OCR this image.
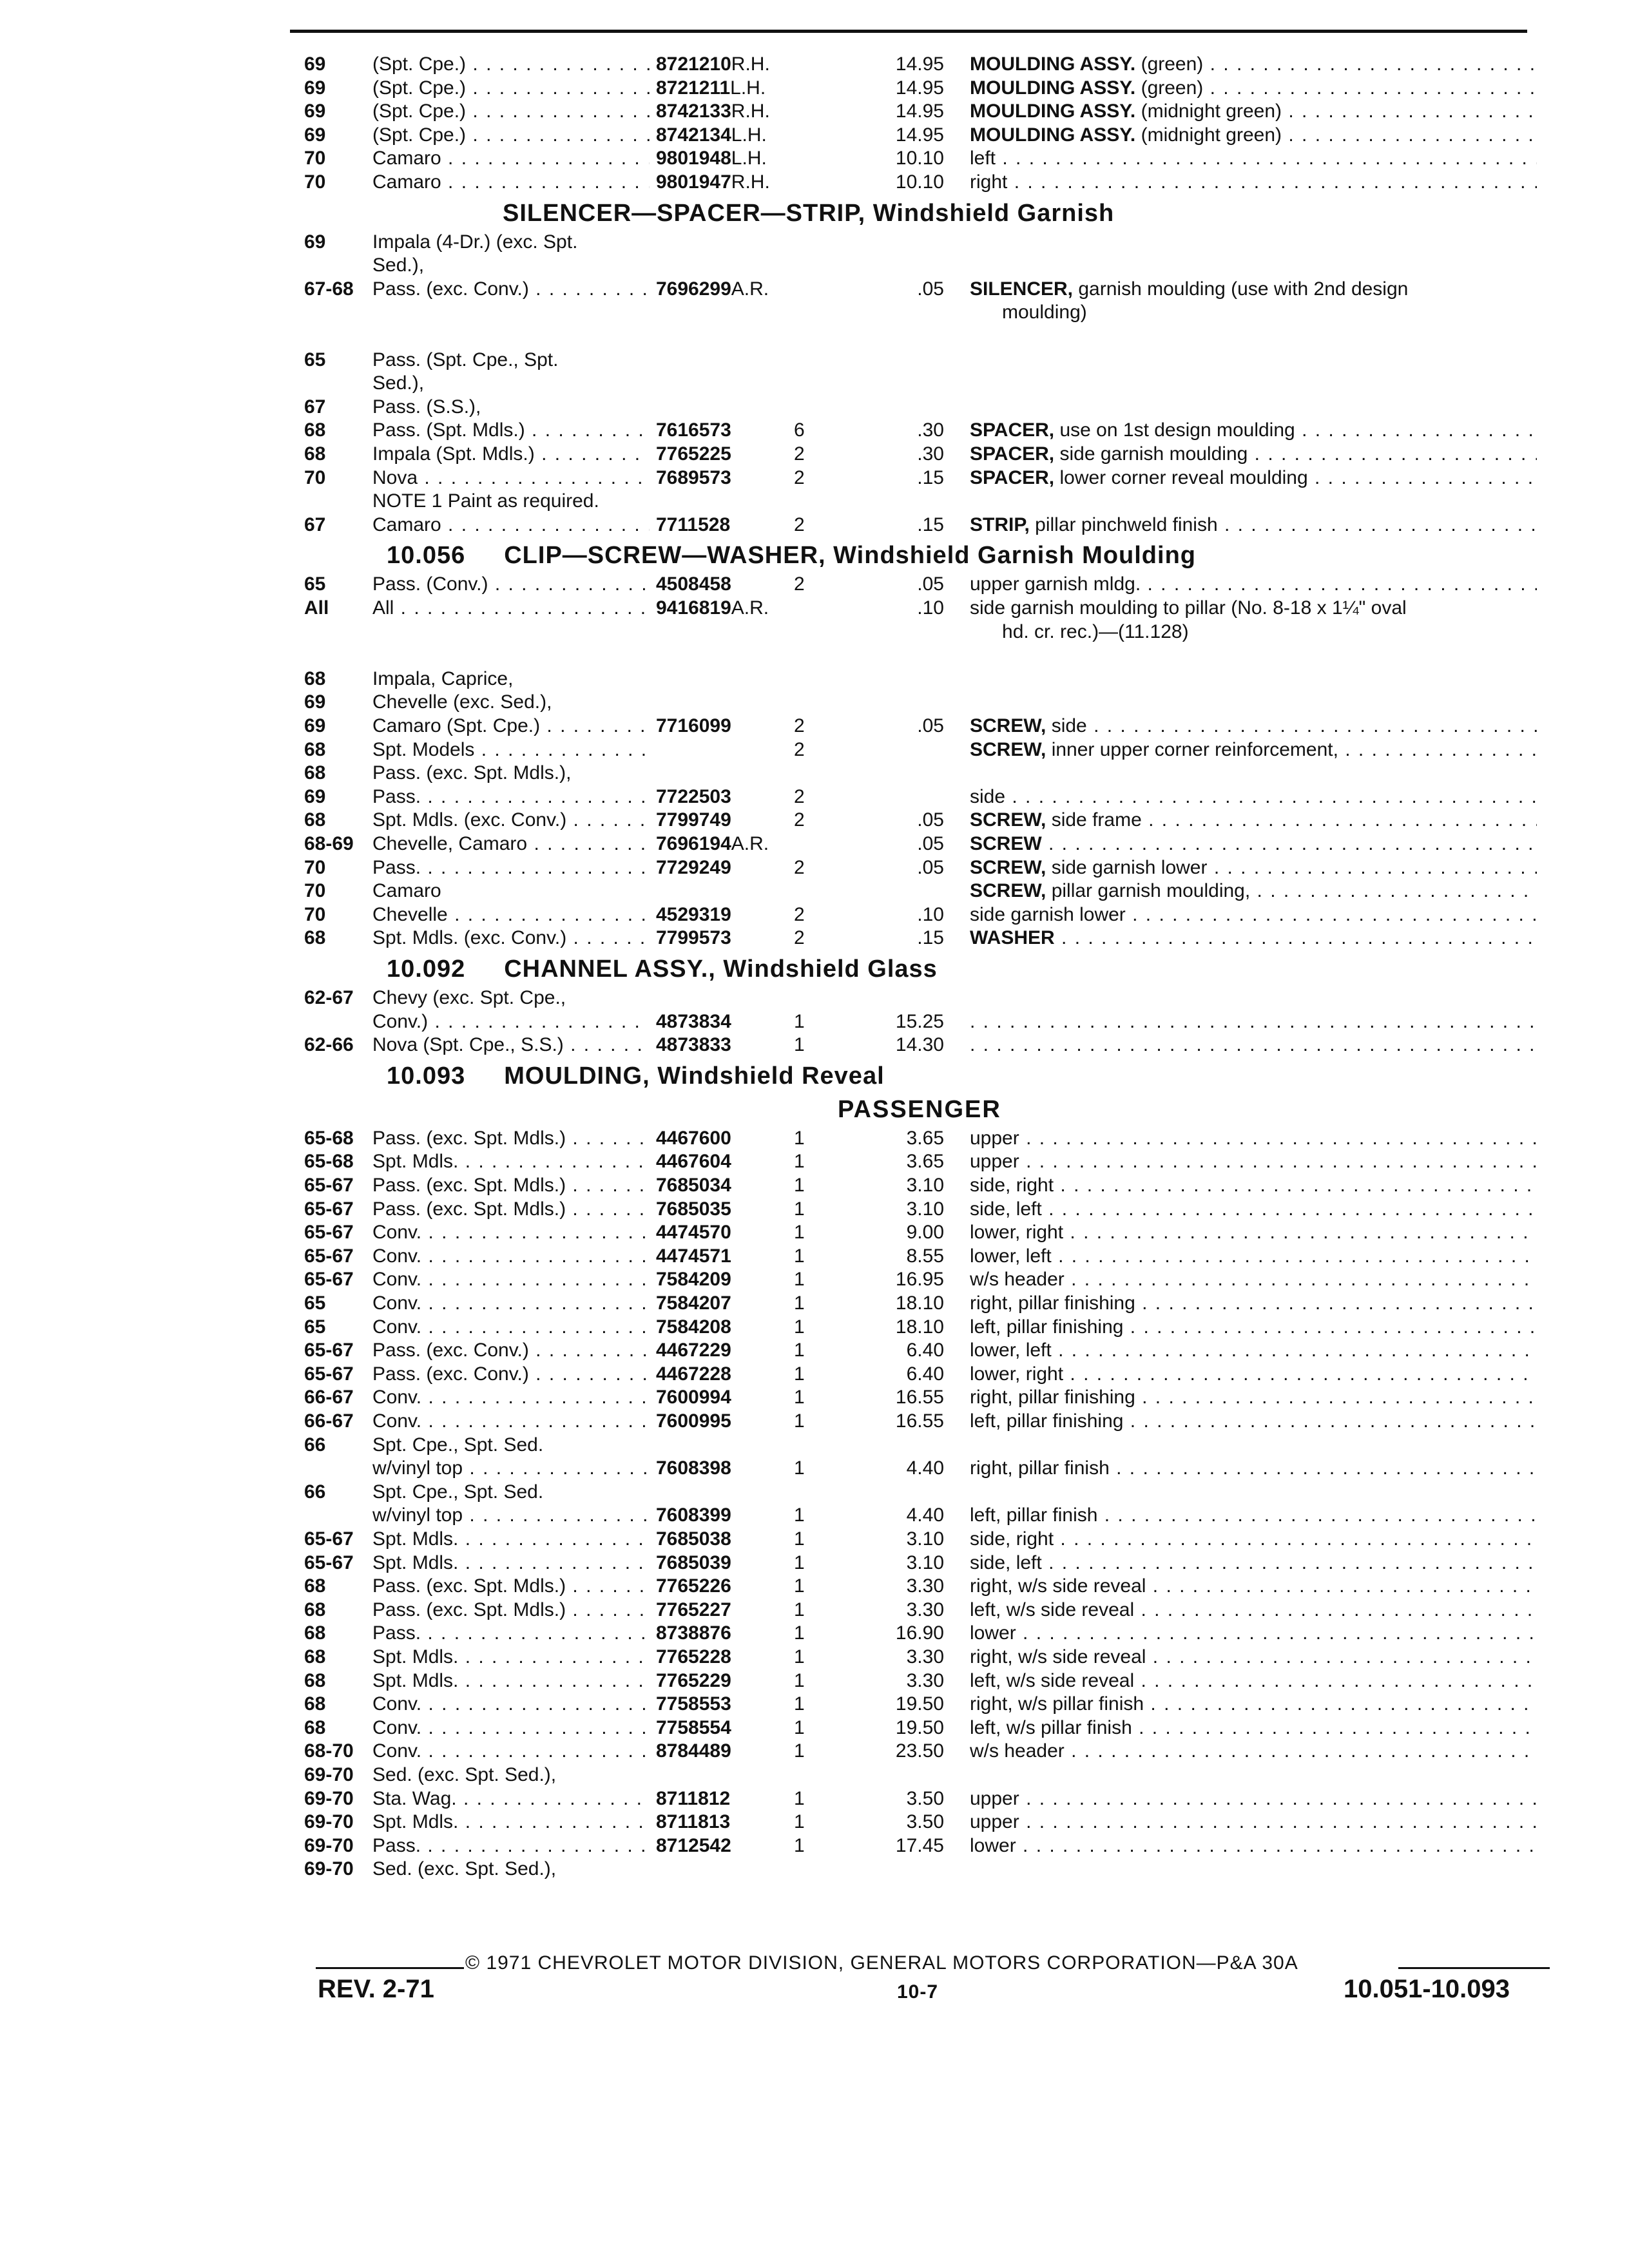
69	(Spt. Cpe.) . . .	8721210R.H.	14.95 MOULDING ASSY. (green) . . .
69	(Spt. Cpe.) . . .	8721211L.H.	14.95 MOULDING ASSY. (green) . . .
69	(Spt. Cpe.) . . .	8742133R.H.	14.95 MOULDING ASSY. (midnight green) . . .
69	(Spt. Cpe.) . . .	8742134L.H.	14.95 MOULDING ASSY. (midnight green) . . .
70	Camaro . . .	9801948L.H.	10.10 left . . .
70	Camaro . . .	9801947R.H.	10.10 right . . .
SILENCER—SPACER—STRIP, Windshield Garnish
69	Impala (4-Dr.) (exc. Spt.
Sed.),
67-68 Pass. (exc. Conv.) . . .	7696299A.R.	.05 SILENCER, garnish moulding (use with 2nd design
moulding)
65	Pass. (Spt. Cpe., Spt.
Sed.),
67	Pass. (S.S.),
68	Pass. (Spt. Mdls.) . . .	7616573	6	.30 SPACER, use on 1st design moulding . . .
68	Impala (Spt. Mdls.) . . .	7765225	2	.30 SPACER, side garnish moulding . . .
70	Nova . . .	7689573	2	.15 SPACER, lower corner reveal moulding . . .
NOTE 1 Paint as required.
67	Camaro . . .	7711528	2	.15 STRIP, pillar pinchweld finish . . .
10.056 CLIP—SCREW—WASHER, Windshield Garnish Moulding
65	Pass. (Conv.) . . .	4508458	2	.05 upper garnish mldg. . . .
All	All . . .	9416819A.R.	.10 side garnish moulding to pillar (No. 8-18 x 1¼" oval
hd. cr. rec.)—(11.128)
68	Impala, Caprice,
69	Chevelle (exc. Sed.),
69	Camaro (Spt. Cpe.) . . .	7716099	2	.05 SCREW, side . . .
68	Spt. Models . . .	2	SCREW, inner upper corner reinforcement, . . .
68	Pass. (exc. Spt. Mdls.),
69	Pass. . . .	7722503	2	side . . .
68	Spt. Mdls. (exc. Conv.) . . .	7799749	2	.05 SCREW, side frame . . .
68-69 Chevelle, Camaro . . .	7696194A.R.	.05 SCREW . . .
70	Pass. . . .	7729249	2	.05 SCREW, side garnish lower . . .
70	Camaro	SCREW, pillar garnish moulding, . . .
70	Chevelle . . .	4529319	2	.10 side garnish lower . . .
68	Spt. Mdls. (exc. Conv.) . . .	7799573	2	.15 WASHER . . .
10.092 CHANNEL ASSY., Windshield Glass
62-67 Chevy (exc. Spt. Cpe.,
Conv.) . . .	4873834	1	15.25
. . .
62-66 Nova (Spt. Cpe., S.S.) . . .	4873833	1	14.30
. . .
10.093 MOULDING, Windshield Reveal
PASSENGER
65-68 Pass. (exc. Spt. Mdls.) . . .	4467600	1	3.65 upper . . .
65-68 Spt. Mdls. . . .	4467604	1	3.65 upper . . .
65-67 Pass. (exc. Spt. Mdls.) . . .	7685034	1	3.10 side, right . . .
65-67 Pass. (exc. Spt. Mdls.) . . .	7685035	1	3.10 side, left . . .
65-67 Conv. . . .	4474570	1	9.00 lower, right . . .
65-67 Conv. . . .	4474571	1	8.55 lower, left . . .
65-67 Conv. . . .	7584209	1	16.95 w/s header . . .
65	Conv. . . .	7584207	1	18.10 right, pillar finishing . . .
65	Conv. . . .	7584208	1	18.10 left, pillar finishing . . .
65-67 Pass. (exc. Conv.) . . .	4467229	1	6.40 lower, left . . .
65-67 Pass. (exc. Conv.) . . .	4467228	1	6.40 lower, right . . .
66-67 Conv. . . .	7600994	1	16.55 right, pillar finishing . . .
66-67 Conv. . . .	7600995	1	16.55 left, pillar finishing . . .
66	Spt. Cpe., Spt. Sed.
w/vinyl top . . .	7608398	1	4.40 right, pillar finish . . .
66	Spt. Cpe., Spt. Sed.
w/vinyl top . . .	7608399	1	4.40 left, pillar finish . . .
65-67 Spt. Mdls. . . .	7685038	1	3.10 side, right . . .
65-67 Spt. Mdls. . . .	7685039	1	3.10 side, left . . .
68	Pass. (exc. Spt. Mdls.) . . .	7765226	1	3.30 right, w/s side reveal . . .
68	Pass. (exc. Spt. Mdls.) . . .	7765227	1	3.30 left, w/s side reveal . . .
68	Pass. . . .	8738876	1	16.90 lower . . .
68	Spt. Mdls. . . .	7765228	1	3.30 right, w/s side reveal . . .
68	Spt. Mdls. . . .	7765229	1	3.30 left, w/s side reveal . . .
68	Conv. . . .	7758553	1	19.50 right, w/s pillar finish . . .
68	Conv. . . .	7758554	1	19.50 left, w/s pillar finish . . .
68-70 Conv. . . .	8784489	1	23.50 w/s header . . .
69-70 Sed. (exc. Spt. Sed.),
69-70 Sta. Wag. . . .	8711812	1	3.50 upper . . .
69-70 Spt. Mdls. . . .	8711813	1	3.50 upper . . .
69-70 Pass. . . .	8712542	1	17.45 lower . . .
69-70 Sed. (exc. Spt. Sed.),
© 1971 CHEVROLET MOTOR DIVISION, GENERAL MOTORS CORPORATION—P&A 30A
REV. 2-71	10-7	10.051-10.093
